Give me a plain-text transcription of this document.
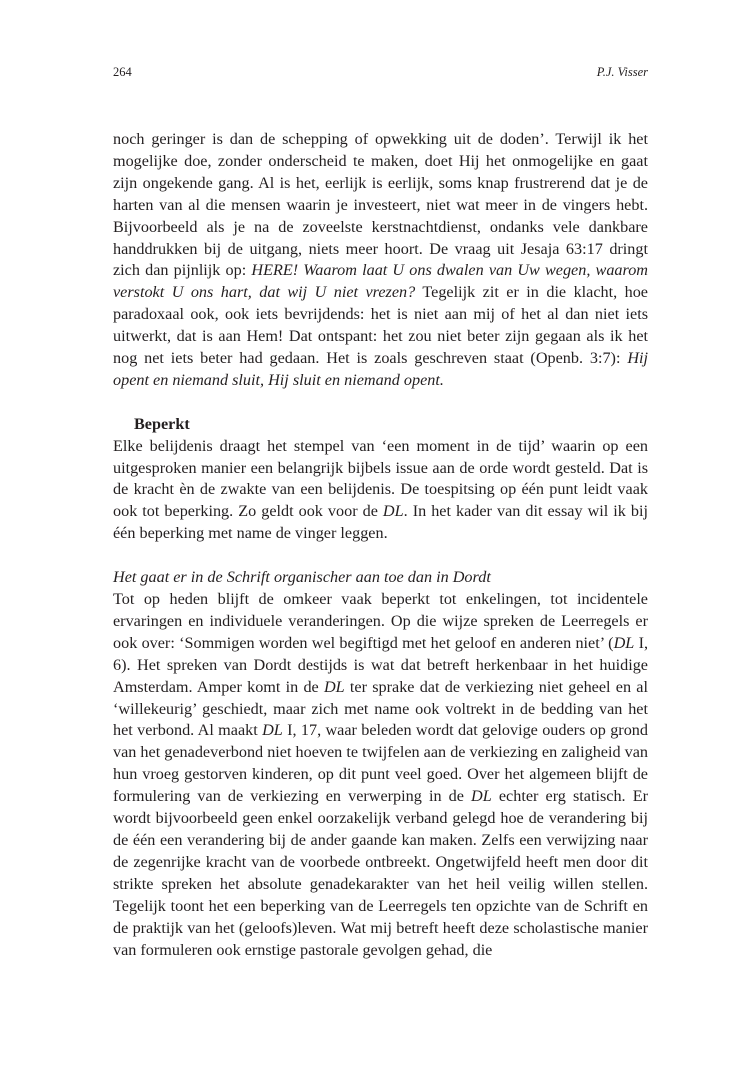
264	P.J. Visser

noch geringer is dan de schepping of opwekking uit de doden’. Terwijl ik het mogelijke doe, zonder onderscheid te maken, doet Hij het onmogelijke en gaat zijn ongekende gang. Al is het, eerlijk is eerlijk, soms knap frustrerend dat je de harten van al die mensen waarin je investeert, niet wat meer in de vingers hebt. Bijvoorbeeld als je na de zoveelste kerstnachtdienst, ondanks vele dankbare handdrukken bij de uitgang, niets meer hoort. De vraag uit Jesaja 63:17 dringt zich dan pijnlijk op: HERE! Waarom laat U ons dwalen van Uw wegen, waarom verstokt U ons hart, dat wij U niet vrezen? Tegelijk zit er in die klacht, hoe paradoxaal ook, ook iets bevrijdends: het is niet aan mij of het al dan niet iets uitwerkt, dat is aan Hem! Dat ontspant: het zou niet beter zijn gegaan als ik het nog net iets beter had gedaan. Het is zoals geschreven staat (Openb. 3:7): Hij opent en niemand sluit, Hij sluit en niemand opent.

Beperkt

Elke belijdenis draagt het stempel van ‘een moment in de tijd’ waarin op een uitgesproken manier een belangrijk bijbels issue aan de orde wordt gesteld. Dat is de kracht èn de zwakte van een belijdenis. De toespitsing op één punt leidt vaak ook tot beperking. Zo geldt ook voor de DL. In het kader van dit essay wil ik bij één beperking met name de vinger leggen.

Het gaat er in de Schrift organischer aan toe dan in Dordt

Tot op heden blijft de omkeer vaak beperkt tot enkelingen, tot incidentele ervaringen en individuele veranderingen. Op die wijze spreken de Leerregels er ook over: ‘Sommigen worden wel begiftigd met het geloof en anderen niet’ (DL I, 6). Het spreken van Dordt destijds is wat dat betreft herkenbaar in het huidige Amsterdam. Amper komt in de DL ter sprake dat de verkiezing niet geheel en al ‘willekeurig’ geschiedt, maar zich met name ook voltrekt in de bedding van het het verbond. Al maakt DL I, 17, waar beleden wordt dat gelovige ouders op grond van het genadeverbond niet hoeven te twijfelen aan de verkiezing en zaligheid van hun vroeg gestorven kinderen, op dit punt veel goed. Over het algemeen blijft de formulering van de verkiezing en verwerping in de DL echter erg statisch. Er wordt bijvoorbeeld geen enkel oorzakelijk verband gelegd hoe de verandering bij de één een verandering bij de ander gaande kan maken. Zelfs een verwijzing naar de zegenrijke kracht van de voorbede ontbreekt. Ongetwijfeld heeft men door dit strikte spreken het absolute genadekarakter van het heil veilig willen stellen. Tegelijk toont het een beperking van de Leerregels ten opzichte van de Schrift en de praktijk van het (geloofs)leven. Wat mij betreft heeft deze scholastische manier van formuleren ook ernstige pastorale gevolgen gehad, die
